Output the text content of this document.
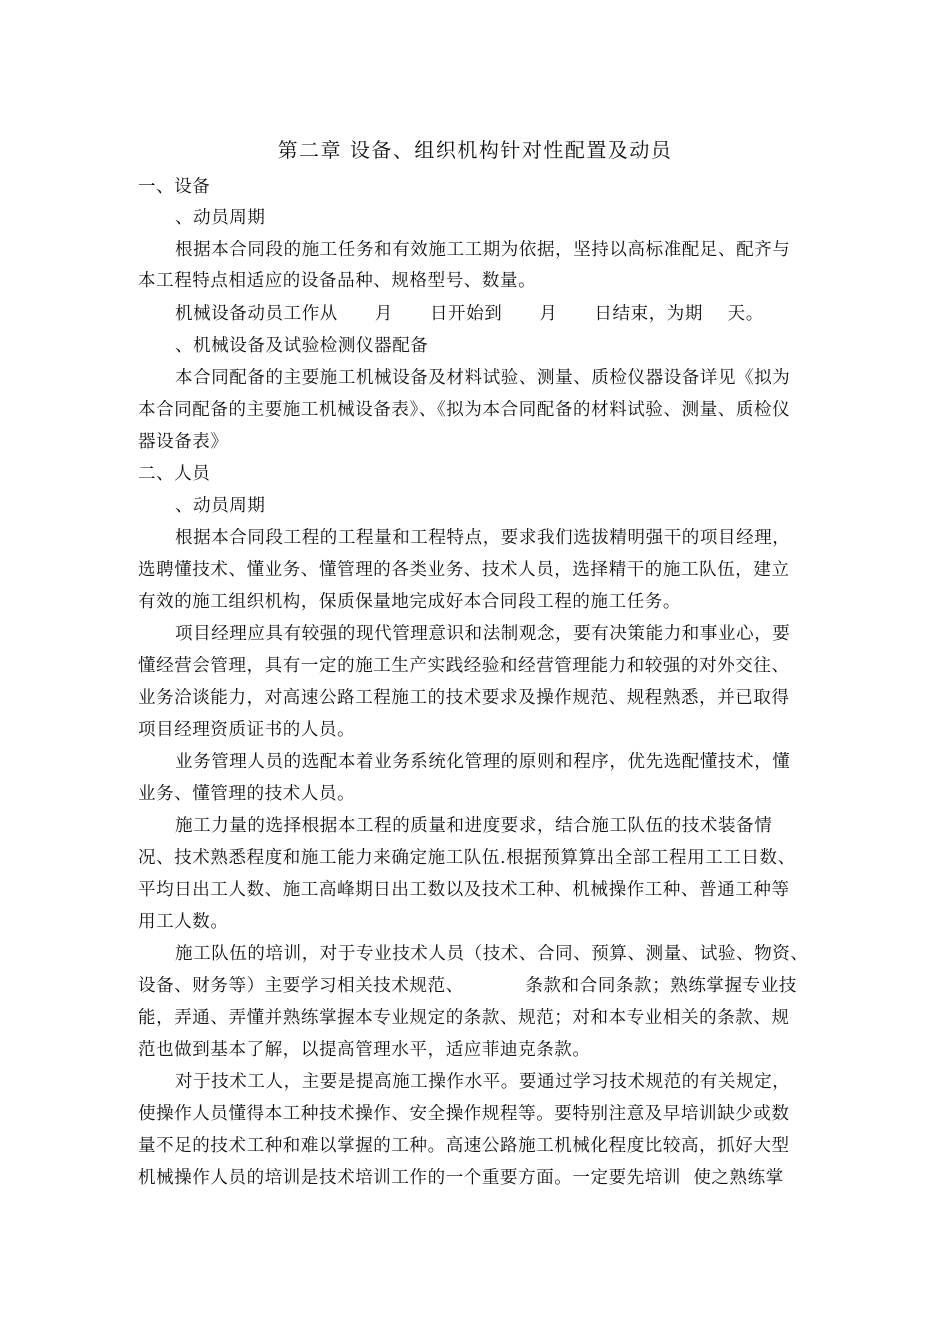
第二章 设备、组织机构针对性配置及动员
一、设备
、动员周期
根据本合同段的施工任务和有效施工工期为依据，坚持以高标准配足、配齐与
本工程特点相适应的设备品种、规格型号、数量。
机械设备动员工作从      月      日开始到      月      日结束，为期    天。
、机械设备及试验检测仪器配备
本合同配备的主要施工机械设备及材料试验、测量、质检仪器设备详见《拟为
本合同配备的主要施工机械设备表》、《拟为本合同配备的材料试验、测量、质检仪
器设备表》
二、人员
、动员周期
根据本合同段工程的工程量和工程特点，要求我们选拔精明强干的项目经理，
选聘懂技术、懂业务、懂管理的各类业务、技术人员，选择精干的施工队伍，建立
有效的施工组织机构，保质保量地完成好本合同段工程的施工任务。
项目经理应具有较强的现代管理意识和法制观念，要有决策能力和事业心，要
懂经营会管理，具有一定的施工生产实践经验和经营管理能力和较强的对外交往、
业务洽谈能力，对高速公路工程施工的技术要求及操作规范、规程熟悉，并已取得
项目经理资质证书的人员。
业务管理人员的选配本着业务系统化管理的原则和程序，优先选配懂技术，懂
业务、懂管理的技术人员。
施工力量的选择根据本工程的质量和进度要求，结合施工队伍的技术装备情
况、技术熟悉程度和施工能力来确定施工队伍.根据预算算出全部工程用工工日数、
平均日出工人数、施工高峰期日出工数以及技术工种、机械操作工种、普通工种等
用工人数。
施工队伍的培训，对于专业技术人员（技术、合同、预算、测量、试验、物资、
设备、财务等）主要学习相关技术规范、          条款和合同条款；熟练掌握专业技
能，弄通、弄懂并熟练掌握本专业规定的条款、规范；对和本专业相关的条款、规
范也做到基本了解，以提高管理水平，适应菲迪克条款。
对于技术工人，主要是提高施工操作水平。要通过学习技术规范的有关规定，
使操作人员懂得本工种技术操作、安全操作规程等。要特别注意及早培训缺少或数
量不足的技术工种和难以掌握的工种。高速公路施工机械化程度比较高，抓好大型
机械操作人员的培训是技术培训工作的一个重要方面。一定要先培训  使之熟练掌
